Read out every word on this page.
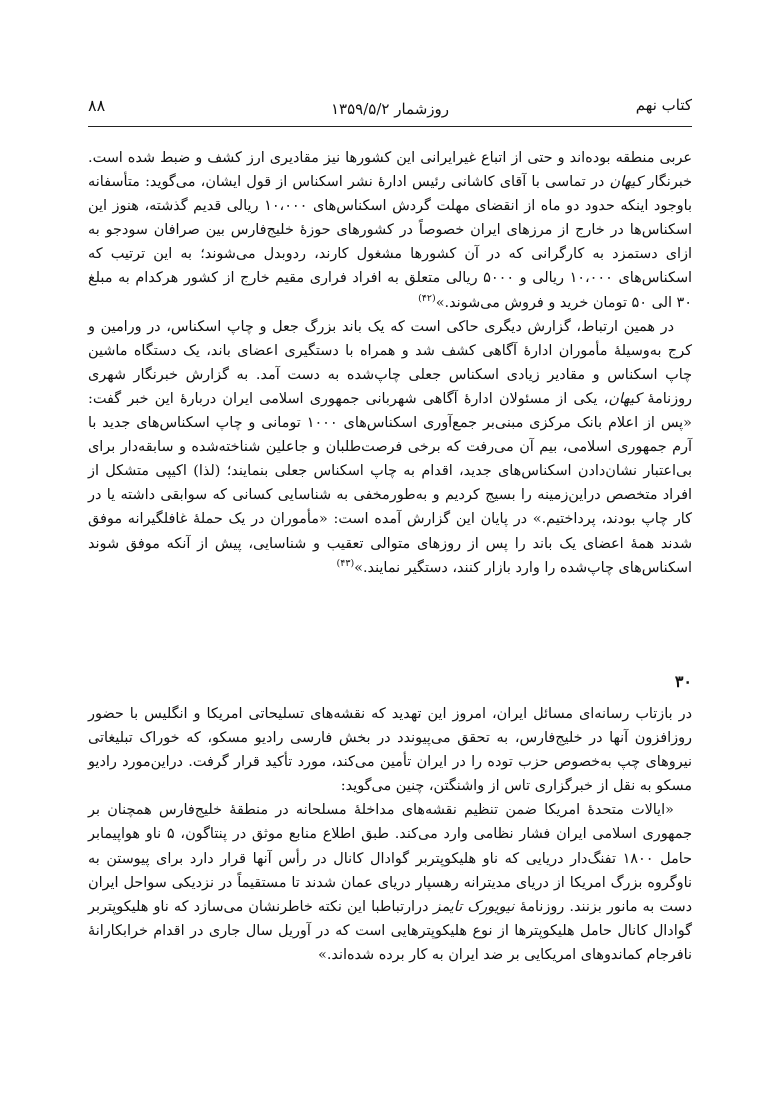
کتاب نهم
روزشمار ۱۳۵۹/۵/۲
۸۸

عربی منطقه بوده‌اند و حتی از اتباع غیرایرانی این کشورها نیز مقادیری ارز کشف و ضبط شده است. خبرنگار کیهان در تماسی با آقای کاشانی رئیس ادارهٔ نشر اسکناس از قول ایشان، می‌گوید: متأسفانه باوجود اینکه حدود دو ماه از انقضای مهلت گردش اسکناس‌های ۱۰،۰۰۰ ریالی قدیم گذشته، هنوز این اسکناس‌ها در خارج از مرزهای ایران خصوصاً در کشورهای حوزهٔ خلیج‌فارس بین صرافان سودجو به ازای دستمزد به کارگرانی که در آن کشورها مشغول کارند، ردوبدل می‌شوند؛ به این ترتیب که اسکناس‌های ۱۰،۰۰۰ ریالی و ۵۰۰۰ ریالی متعلق به افراد فراری مقیم خارج از کشور هرکدام به مبلغ ۳۰ الی ۵۰ تومان خرید و فروش می‌شوند.»$^{(۴۲)}$

در همین ارتباط، گزارش دیگری حاکی است که یک باند بزرگ جعل و چاپ اسکناس، در ورامین و کرج به‌وسیلهٔ مأموران ادارهٔ آگاهی کشف شد و همراه با دستگیری اعضای باند، یک دستگاه ماشین چاپ اسکناس و مقادیر زیادی اسکناس جعلی چاپ‌شده به دست آمد. به گزارش خبرنگار شهری روزنامهٔ کیهان، یکی از مسئولان ادارهٔ آگاهی شهربانی جمهوری اسلامی ایران دربارهٔ این خبر گفت: «پس از اعلام بانک مرکزی مبنی‌بر جمع‌آوری اسکناس‌های ۱۰۰۰ تومانی و چاپ اسکناس‌های جدید با آرم جمهوری اسلامی، بیم آن می‌رفت که برخی فرصت‌طلبان و جاعلین شناخته‌شده و سابقه‌دار برای بی‌اعتبار نشان‌دادن اسکناس‌های جدید، اقدام به چاپ اسکناس جعلی بنمایند؛ (لذا) اکیپی متشکل از افراد متخصص دراین‌زمینه را بسیج کردیم و به‌طورمخفی به شناسایی کسانی که سوابقی داشته یا در کار چاپ بودند، پرداختیم.» در پایان این گزارش آمده است: «مأموران در یک حملهٔ غافلگیرانه موفق شدند همهٔ اعضای یک باند را پس از روزهای متوالی تعقیب و شناسایی، پیش از آنکه موفق شوند اسکناس‌های چاپ‌شده را وارد بازار کنند، دستگیر نمایند.»$^{(۴۳)}$

۳۰

در بازتاب رسانه‌ای مسائل ایران، امروز این تهدید که نقشه‌های تسلیحاتی امریکا و انگلیس با حضور روزافزون آنها در خلیج‌فارس، به تحقق می‌پیوندد در بخش فارسی رادیو مسکو، که خوراک تبلیغاتی نیروهای چپ به‌خصوص حزب توده را در ایران تأمین می‌کند، مورد تأکید قرار گرفت. دراین‌مورد رادیو مسکو به نقل از خبرگزاری تاس از واشنگتن، چنین می‌گوید:

«ایالات متحدهٔ امریکا ضمن تنظیم نقشه‌های مداخلهٔ مسلحانه در منطقهٔ خلیج‌فارس همچنان بر جمهوری اسلامی ایران فشار نظامی وارد می‌کند. طبق اطلاع منابع موثق در پنتاگون، ۵ ناو هواپیمابر حامل ۱۸۰۰ تفنگ‌دار دریایی که ناو هلیکوپتربر گوادال کانال در رأس آنها قرار دارد برای پیوستن به ناوگروه بزرگ امریکا از دریای مدیترانه رهسپار دریای عمان شدند تا مستقیماً در نزدیکی سواحل ایران دست به مانور بزنند. روزنامهٔ نیویورک تایمز درارتباطبا این نکته خاطرنشان می‌سازد که ناو هلیکوپتربر گوادال کانال حامل هلیکوپترها از نوع هلیکوپترهایی است که در آوریل سال جاری در اقدام خرابکارانهٔ نافرجام کماندوهای امریکایی بر ضد ایران به کار برده شده‌اند.»
